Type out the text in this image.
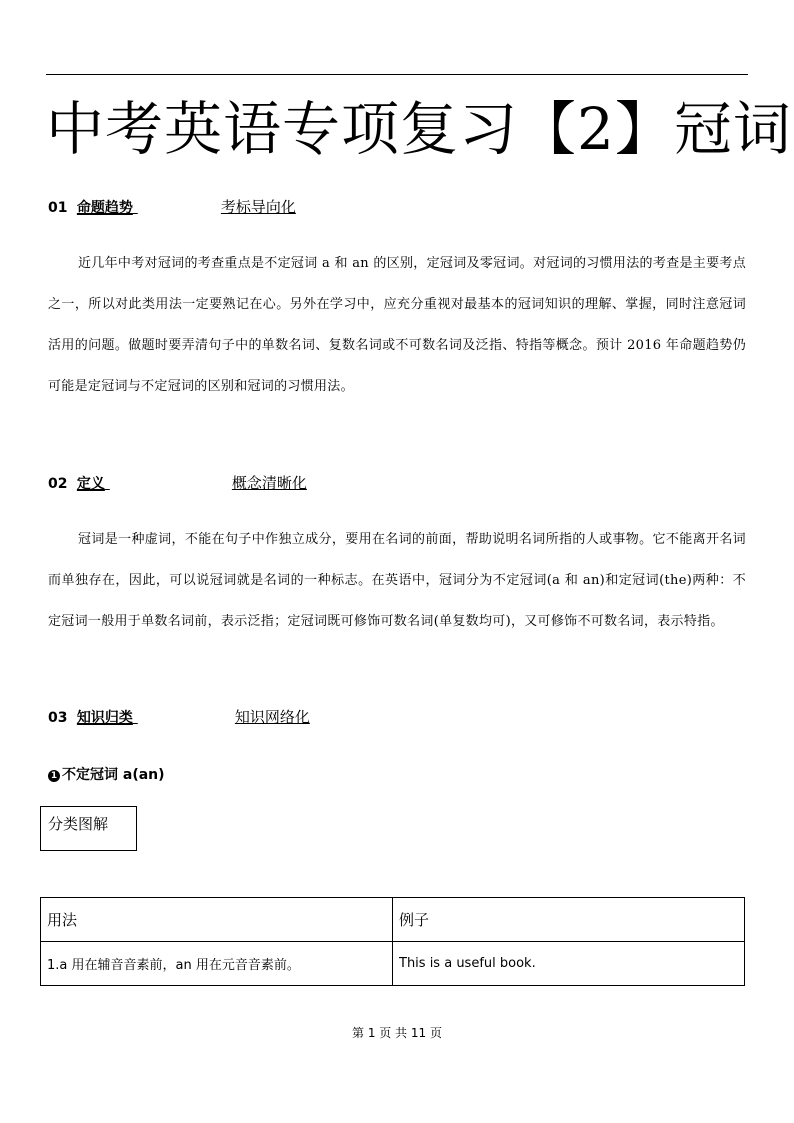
中考英语专项复习【2】冠词
01 命题趋势	考标导向化
近几年中考对冠词的考查重点是不定冠词 a 和 an 的区别，定冠词及零冠词。对冠词的习惯用法的考查是主要考点之一，所以对此类用法一定要熟记在心。另外在学习中，应充分重视对最基本的冠词知识的理解、掌握，同时注意冠词活用的问题。做题时要弄清句子中的单数名词、复数名词或不可数名词及泛指、特指等概念。预计 2016 年命题趋势仍可能是定冠词与不定冠词的区别和冠词的习惯用法。
02 定义	概念清晰化
冠词是一种虚词，不能在句子中作独立成分，要用在名词的前面，帮助说明名词所指的人或事物。它不能离开名词而单独存在，因此，可以说冠词就是名词的一种标志。在英语中，冠词分为不定冠词(a 和 an)和定冠词(the)两种：不定冠词一般用于单数名词前，表示泛指；定冠词既可修饰可数名词(单复数均可)，又可修饰不可数名词，表示特指。
03 知识归类	知识网络化
1 不定冠词 a(an)
分类图解
用法	例子
1.a 用在辅音音素前，an 用在元音音素前。	This is a useful book.
第 1 页 共 11 页
